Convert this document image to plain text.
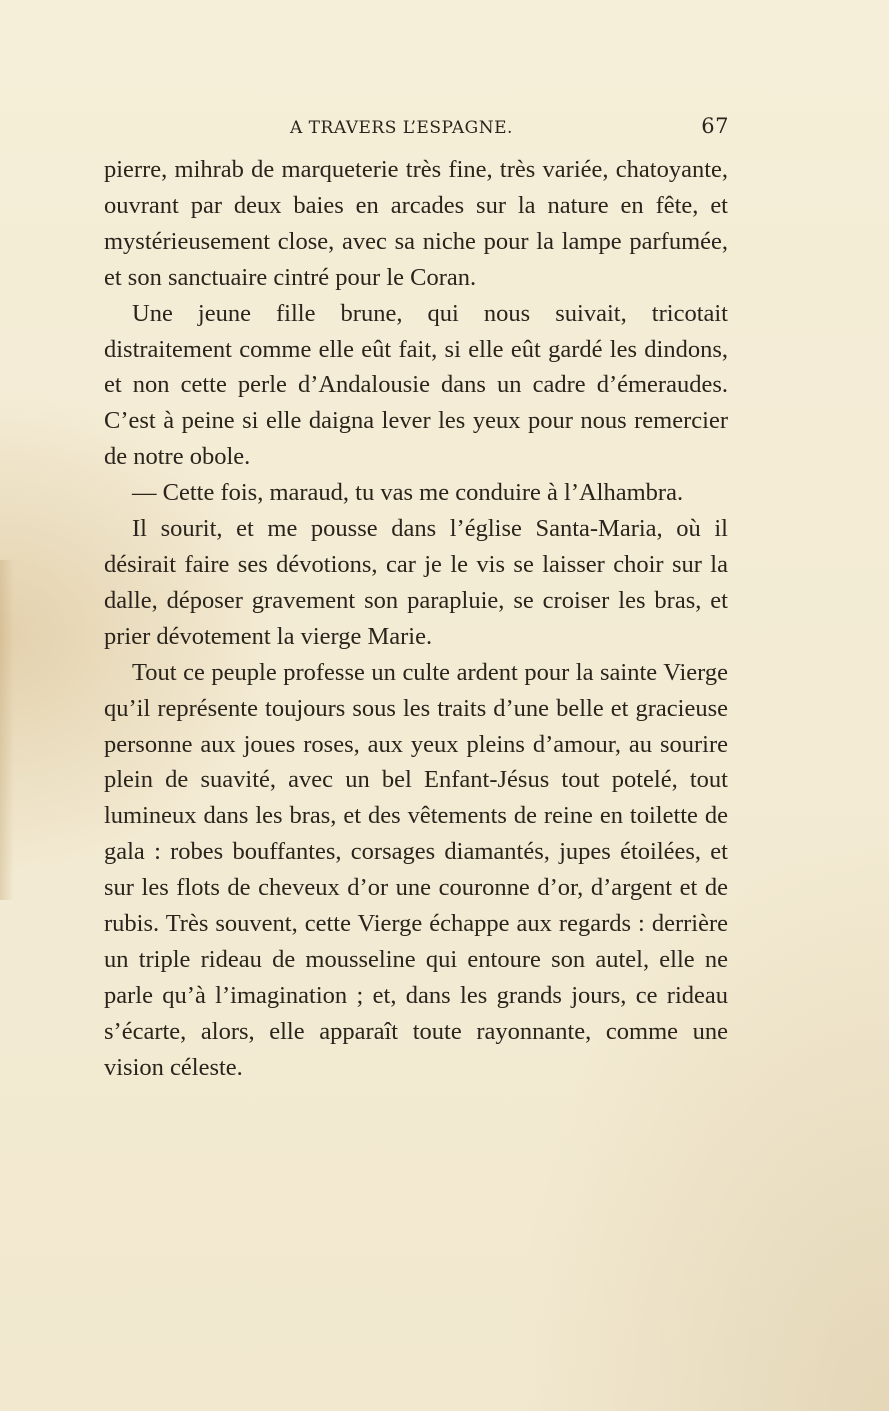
A TRAVERS L’ESPAGNE.	67

pierre, mihrab de marqueterie très fine, très variée, chatoyante, ouvrant par deux baies en arcades sur la nature en fête, et mystérieusement close, avec sa niche pour la lampe parfumée, et son sanctuaire cintré pour le Coran.

Une jeune fille brune, qui nous suivait, tricotait distraitement comme elle eût fait, si elle eût gardé les dindons, et non cette perle d’Andalousie dans un cadre d’émeraudes. C’est à peine si elle daigna lever les yeux pour nous remercier de notre obole.

— Cette fois, maraud, tu vas me conduire à l’Alhambra.

Il sourit, et me pousse dans l’église Santa-Maria, où il désirait faire ses dévotions, car je le vis se laisser choir sur la dalle, déposer gravement son parapluie, se croiser les bras, et prier dévotement la vierge Marie.

Tout ce peuple professe un culte ardent pour la sainte Vierge qu’il représente toujours sous les traits d’une belle et gracieuse personne aux joues roses, aux yeux pleins d’amour, au sourire plein de suavité, avec un bel Enfant-Jésus tout potelé, tout lumineux dans les bras, et des vêtements de reine en toilette de gala : robes bouffantes, corsages diamantés, jupes étoilées, et sur les flots de cheveux d’or une couronne d’or, d’argent et de rubis. Très souvent, cette Vierge échappe aux regards : derrière un triple rideau de mousseline qui entoure son autel, elle ne parle qu’à l’imagination ; et, dans les grands jours, ce rideau s’écarte, alors, elle apparaît toute rayonnante, comme une vision céleste.
